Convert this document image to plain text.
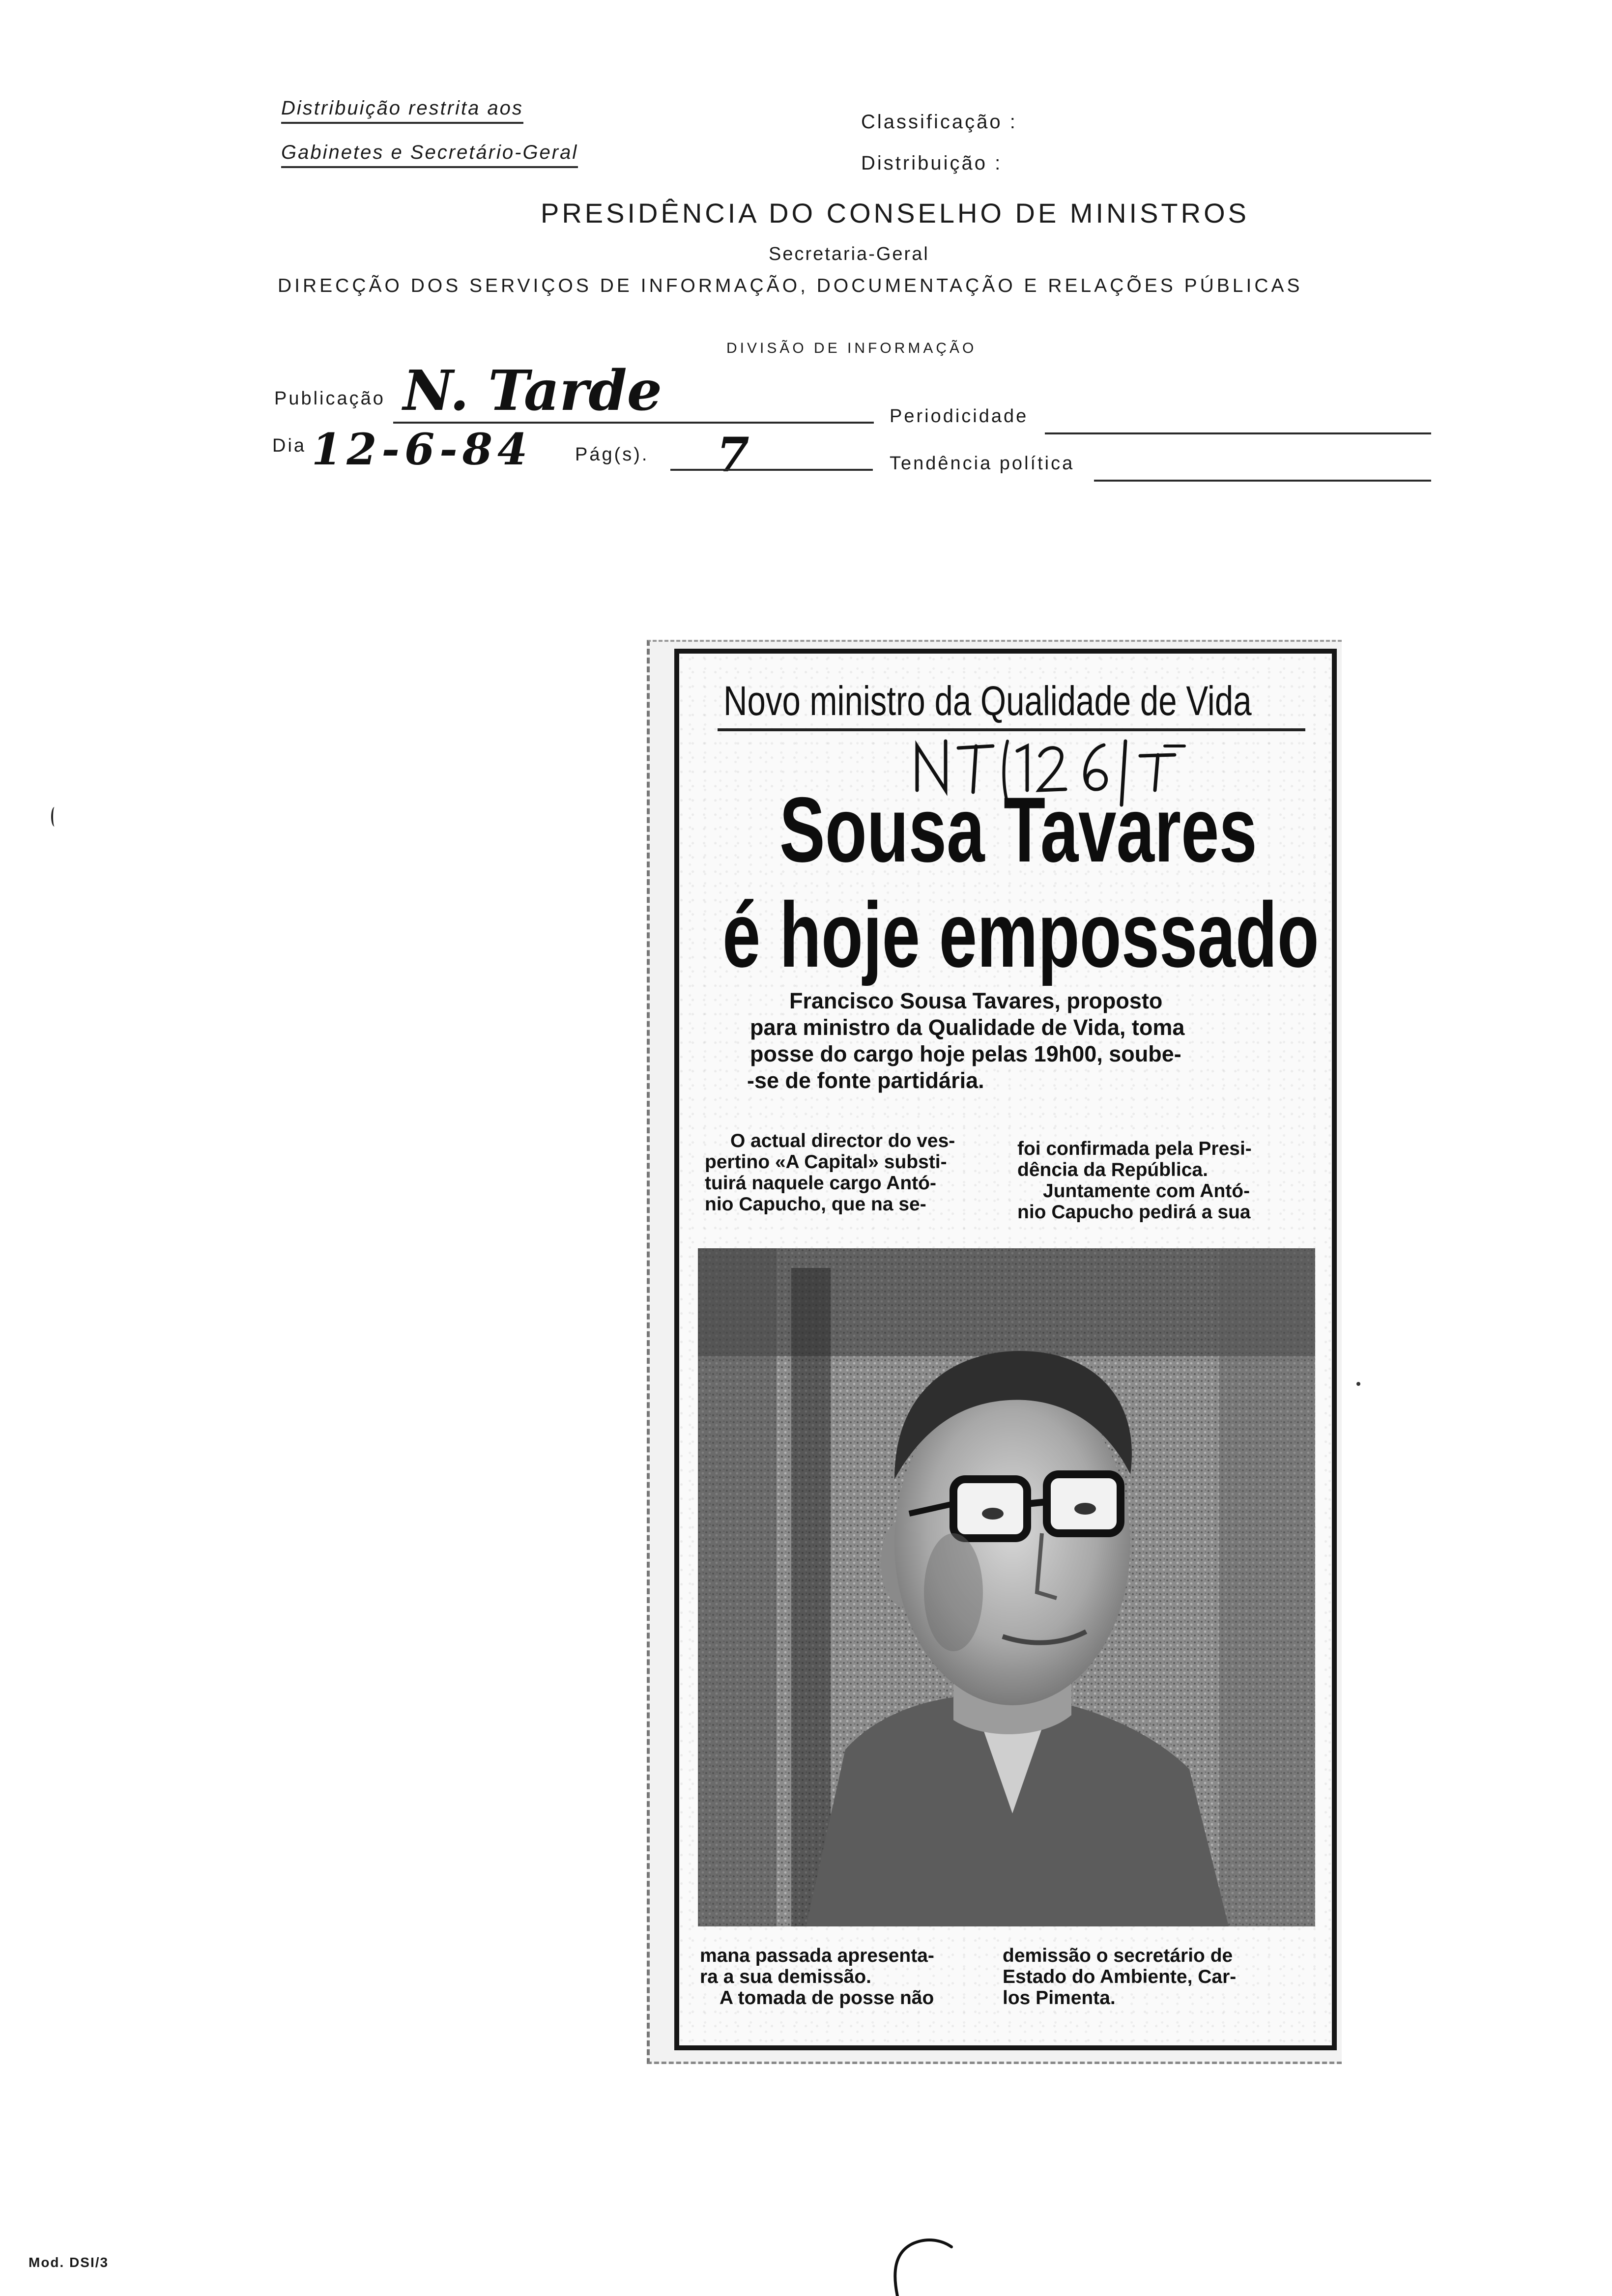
Distribuição restrita aos
Gabinetes e Secretário-Geral
Classificação :
Distribuição :
PRESIDÊNCIA DO CONSELHO DE MINISTROS
Secretaria-Geral
DIRECÇÃO DOS SERVIÇOS DE INFORMAÇÃO, DOCUMENTAÇÃO E RELAÇÕES PÚBLICAS
DIVISÃO DE INFORMAÇÃO
Publicação N. Tarde	Periodicidade
Dia 12-6-84 Pág(s). 7	Tendência política
Novo ministro da Qualidade de Vida
Sousa Tavares
é hoje empossado
Francisco Sousa Tavares, proposto
para ministro da Qualidade de Vida, toma
posse do cargo hoje pelas 19h00, soube-
-se de fonte partidária.
O actual director do ves-
pertino «A Capital» substi-
tuirá naquele cargo Antó-
nio Capucho, que na se-
foi confirmada pela Presi-
dência da República.
Juntamente com Antó-
nio Capucho pedirá a sua
mana passada apresenta-
ra a sua demissão.
A tomada de posse não
demissão o secretário de
Estado do Ambiente, Car-
los Pimenta.
Mod. DSI/3
